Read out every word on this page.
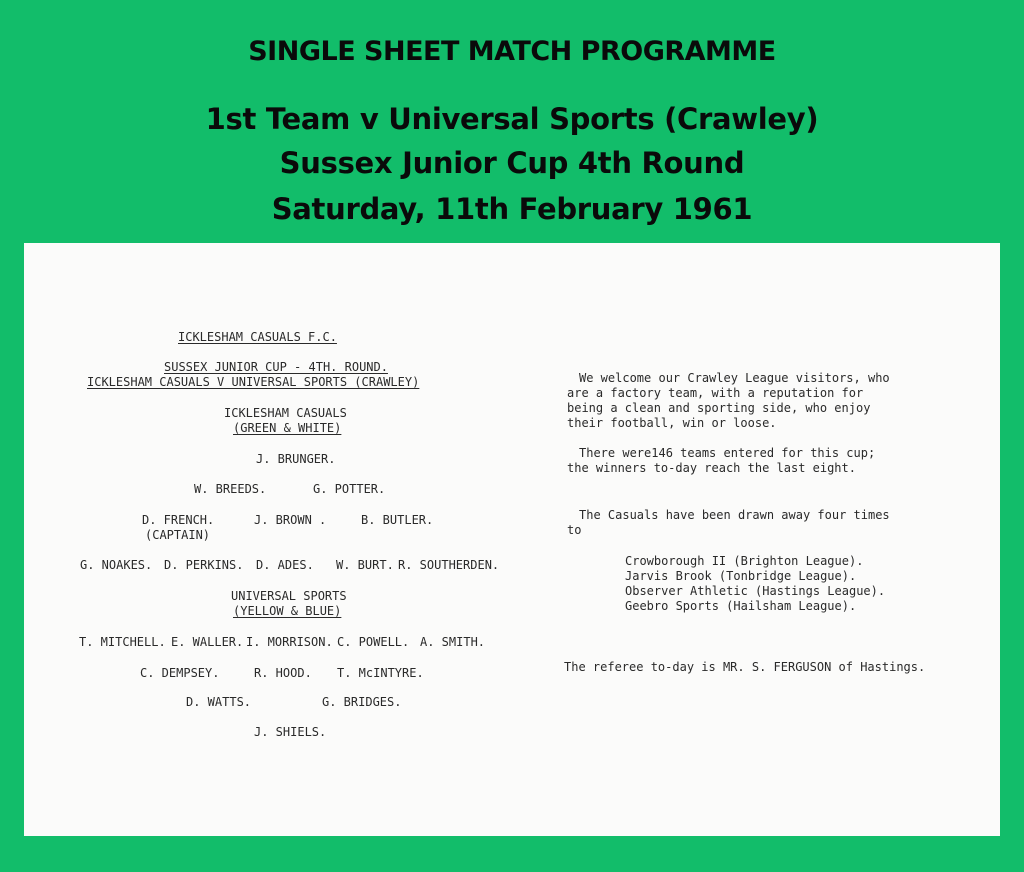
SINGLE SHEET MATCH PROGRAMME
1st Team v Universal Sports (Crawley)
Sussex Junior Cup 4th Round
Saturday, 11th February 1961
ICKLESHAM CASUALS F.C.
SUSSEX JUNIOR CUP - 4TH. ROUND.
ICKLESHAM CASUALS V UNIVERSAL SPORTS (CRAWLEY)
ICKLESHAM CASUALS
(GREEN & WHITE)
J. BRUNGER.
W. BREEDS.	G. POTTER.
D. FRENCH.	J. BROWN .	B. BUTLER.
(CAPTAIN)
G. NOAKES. D. PERKINS. D. ADES. W. BURT. R. SOUTHERDEN.
UNIVERSAL SPORTS
(YELLOW & BLUE)
T. MITCHELL. E. WALLER. I. MORRISON. C. POWELL. A. SMITH.
C. DEMPSEY.	R. HOOD. T. McINTYRE.
D. WATTS.	G. BRIDGES.
J. SHIELS.
We welcome our Crawley League visitors, who
are a factory team, with a reputation for
being a clean and sporting side, who enjoy
their football, win or loose.
There were146 teams entered for this cup;
the winners to-day reach the last eight.
The Casuals have been drawn away four times
to
Crowborough II (Brighton League).
Jarvis Brook (Tonbridge League).
Observer Athletic (Hastings League).
Geebro Sports (Hailsham League).
The referee to-day is MR. S. FERGUSON of Hastings.
